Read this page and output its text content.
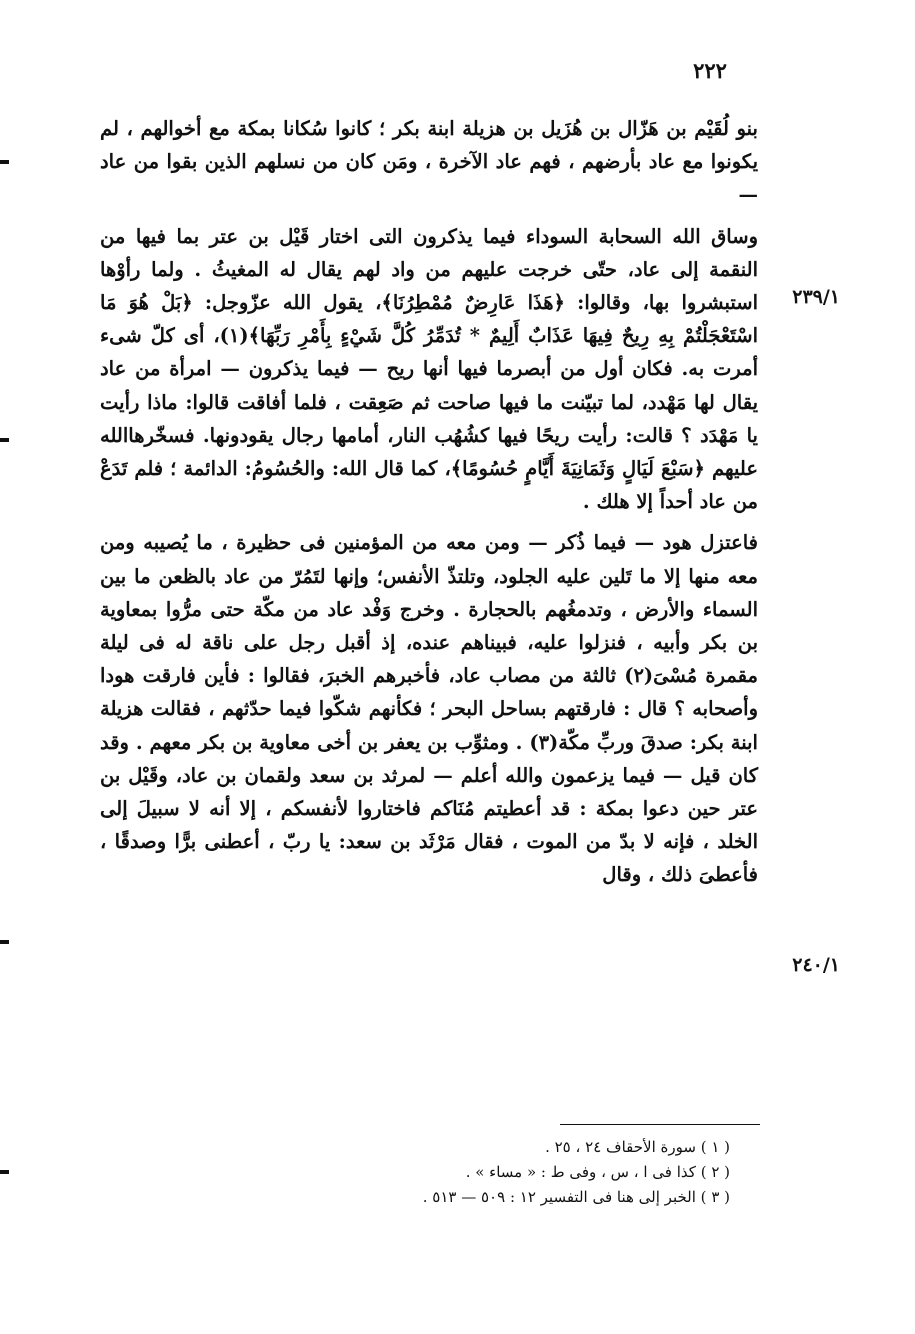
٢٢٢

بنو لُقَيْم بن هَزّال بن هُزَيل بن هزيلة ابنة بكر ؛ كانوا سُكانا بمكة مع أخوالهم ، لم يكونوا مع عاد بأرضهم ، فهم عاد الآخرة ، ومَن كان من نسلهم الذين بقوا من عاد —

وساق الله السحابة السوداء فيما يذكرون التى اختار قَيْل بن عتر بما فيها من النقمة إلى عاد، حتّى خرجت عليهم من واد لهم يقال له المغيثُ . ولما رأوْها استبشروا بها، وقالوا: ﴿هَذَا عَارِضٌ مُمْطِرُنَا﴾، يقول الله عزّوجل: ﴿بَلْ هُوَ مَا اسْتَعْجَلْتُمْ بِهِ رِيحٌ فِيهَا عَذَابٌ أَلِيمٌ * تُدَمِّرُ كُلَّ شَيْءٍ بِأَمْرِ رَبِّهَا﴾(١)، أى كلّ شىء أمرت به. فكان أول من أبصرما فيها أنها ريح — فيما يذكرون — امرأة من عاد يقال لها مَهْدد، لما تبيّنت ما فيها صاحت ثم صَعِقت ، فلما أفاقت قالوا: ماذا رأيت يا مَهْدَد ؟ قالت: رأيت ريحًا فيها كشُهُب النار، أمامها رجال يقودونها. فسخّرهاالله عليهم ﴿سَبْعَ لَيَالٍ وَثَمَانِيَةَ أَيَّامٍ حُسُومًا﴾، كما قال الله: والحُسُومُ: الدائمة ؛ فلم تَدَعْ من عاد أحداً إلا هلك .

فاعتزل هود — فيما ذُكر — ومن معه من المؤمنين فى حظيرة ، ما يُصيبه ومن معه منها إلا ما تَلين عليه الجلود، وتلتذّ الأنفس؛ وإنها لتَمُرّ من عاد بالظعن ما بين السماء والأرض ، وتدمغُهم بالحجارة . وخرج وَفْد عاد من مكّة حتى مرُّوا بمعاوية بن بكر وأبيه ، فنزلوا عليه، فبيناهم عنده، إذ أقبل رجل على ناقة له فى ليلة مقمرة مُسْىَ(٢) ثالثة من مصاب عاد، فأخبرهم الخبرَ، فقالوا : فأين فارقت هودا وأصحابه ؟ قال : فارقتهم بساحل البحر ؛ فكأنهم شكّوا فيما حدّثهم ، فقالت هزيلة ابنة بكر: صدقَ وربِّ مكّة(٣) . ومثوِّب بن يعفر بن أخى معاوية بن بكر معهم . وقد كان قيل — فيما يزعمون والله أعلم — لمرثد بن سعد ولقمان بن عاد، وقَيْل بن عتر حين دعوا بمكة : قد أعطيتم مُنَاكم فاختاروا لأنفسكم ، إلا أنه لا سبيلَ إلى الخلد ، فإنه لا بدّ من الموت ، فقال مَرْثَد بن سعد: يا ربّ ، أعطنى برًّا وصدقًا ، فأعطىَ ذلك ، وقال

٢٣٩/١
٢٤٠/١
( ١ ) سورة الأحقاف ٢٤ ، ٢٥ .
( ٢ ) كذا فى ا ، س ، وفى ط : « مساء » .
( ٣ ) الخبر إلى هنا فى التفسير ١٢ : ٥٠٩ — ٥١٣ .
